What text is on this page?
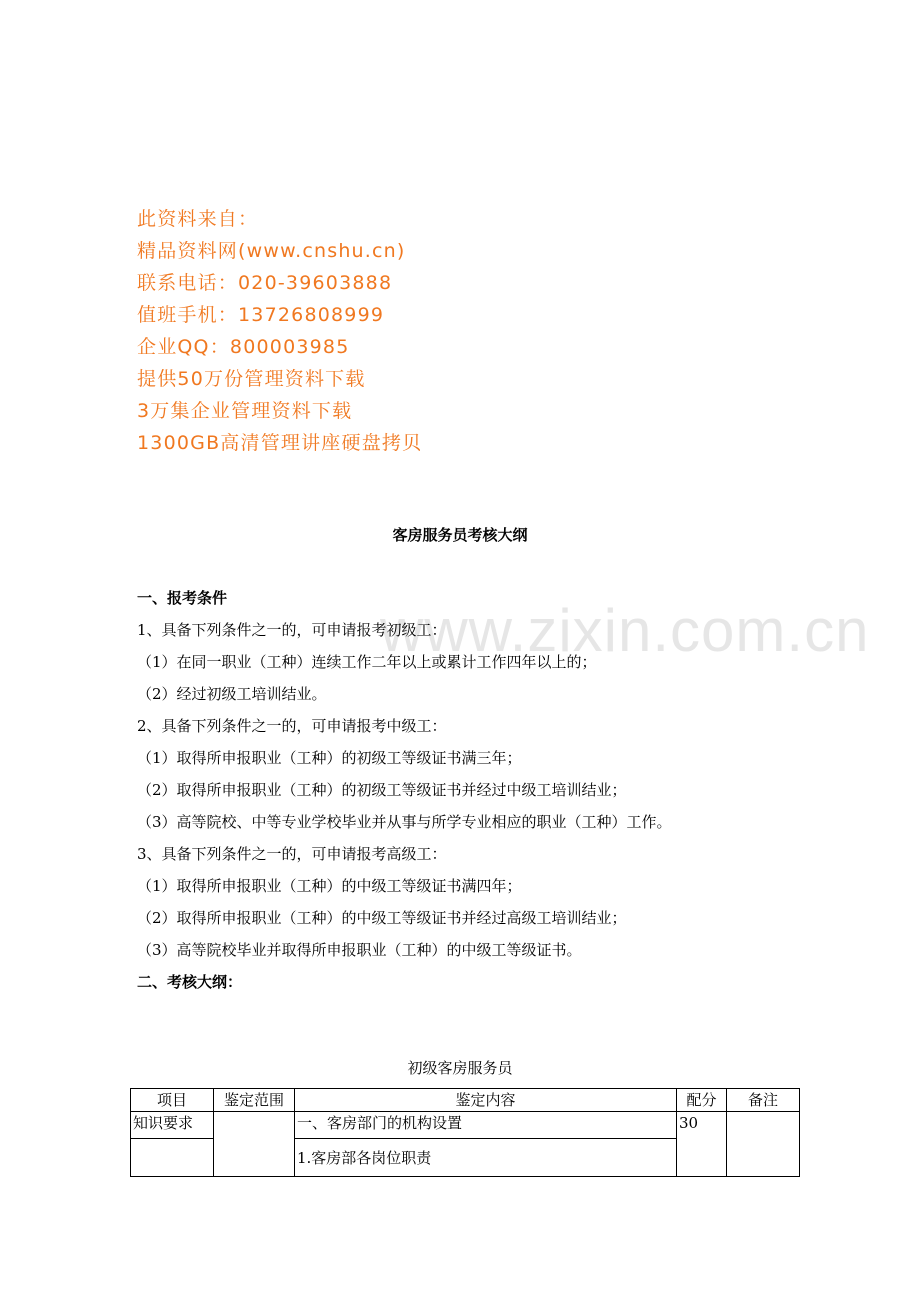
此资料来自：
精品资料网(www.cnshu.cn)
联系电话：020-39603888
值班手机：13726808999
企业QQ：800003985
提供50万份管理资料下载
3万集企业管理资料下载
1300GB高清管理讲座硬盘拷贝
www.zixin.com.cn
客房服务员考核大纲
一、报考条件
1、具备下列条件之一的，可申请报考初级工：
（1）在同一职业（工种）连续工作二年以上或累计工作四年以上的；
（2）经过初级工培训结业。
2、具备下列条件之一的，可申请报考中级工：
（1）取得所申报职业（工种）的初级工等级证书满三年；
（2）取得所申报职业（工种）的初级工等级证书并经过中级工培训结业；
（3）高等院校、中等专业学校毕业并从事与所学专业相应的职业（工种）工作。
3、具备下列条件之一的，可申请报考高级工：
（1）取得所申报职业（工种）的中级工等级证书满四年；
（2）取得所申报职业（工种）的中级工等级证书并经过高级工培训结业；
（3）高等院校毕业并取得所申报职业（工种）的中级工等级证书。
二、考核大纲：
初级客房服务员
项目	鉴定范围	鉴定内容	配分	备注
知识要求		一、客房部门的机构设置	30	
		1.客房部各岗位职责		
